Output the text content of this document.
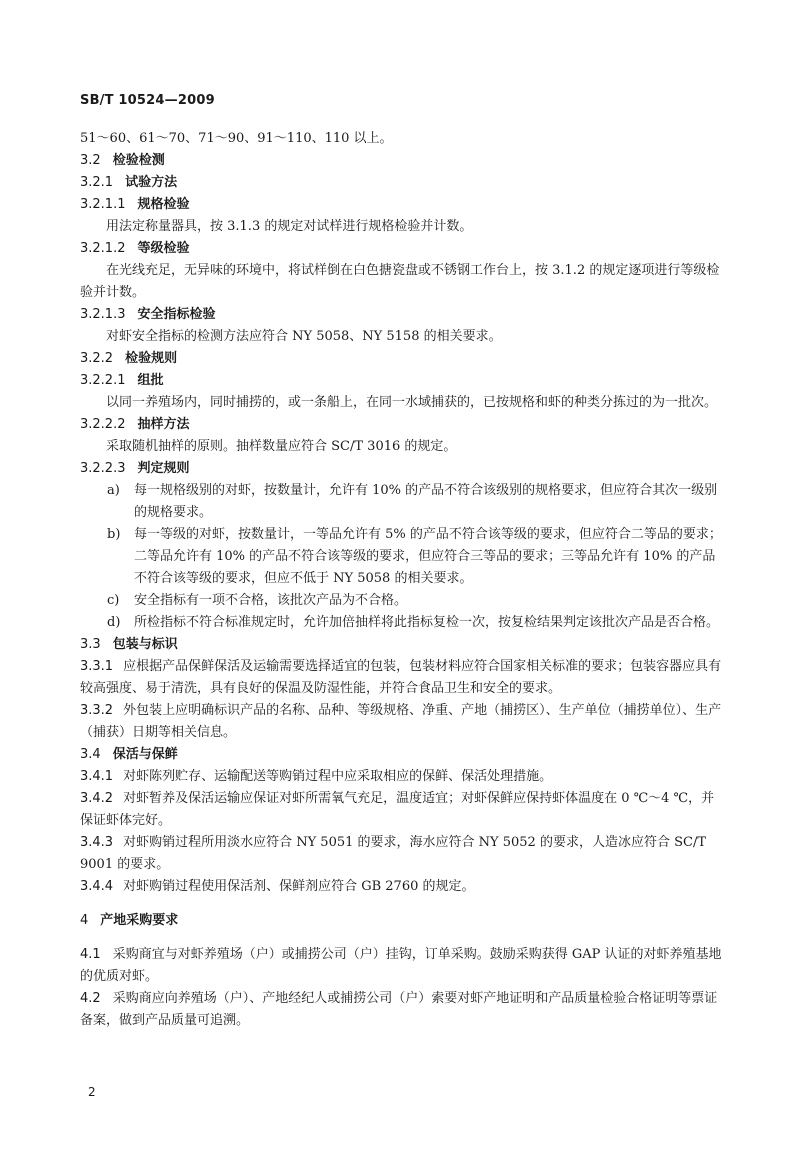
SB/T 10524—2009

51～60、61～70、71～90、91～110、110 以上。

3.2 检验检测

3.2.1 试验方法

3.2.1.1 规格检验

用法定称量器具，按 3.1.3 的规定对试样进行规格检验并计数。

3.2.1.2 等级检验

在光线充足，无异味的环境中，将试样倒在白色搪瓷盘或不锈钢工作台上，按 3.1.2 的规定逐项进行等级检验并计数。

3.2.1.3 安全指标检验

对虾安全指标的检测方法应符合 NY 5058、NY 5158 的相关要求。

3.2.2 检验规则

3.2.2.1 组批

以同一养殖场内，同时捕捞的，或一条船上，在同一水域捕获的，已按规格和虾的种类分拣过的为一批次。

3.2.2.2 抽样方法

采取随机抽样的原则。抽样数量应符合 SC/T 3016 的规定。

3.2.2.3 判定规则

a) 每一规格级别的对虾，按数量计，允许有 10% 的产品不符合该级别的规格要求，但应符合其次一级别的规格要求。

b) 每一等级的对虾，按数量计，一等品允许有 5% 的产品不符合该等级的要求，但应符合二等品的要求；二等品允许有 10% 的产品不符合该等级的要求，但应符合三等品的要求；三等品允许有 10% 的产品不符合该等级的要求，但应不低于 NY 5058 的相关要求。

c) 安全指标有一项不合格，该批次产品为不合格。

d) 所检指标不符合标准规定时，允许加倍抽样将此指标复检一次，按复检结果判定该批次产品是否合格。

3.3 包装与标识

3.3.1 应根据产品保鲜保活及运输需要选择适宜的包装，包装材料应符合国家相关标准的要求；包装容器应具有较高强度、易于清洗，具有良好的保温及防湿性能，并符合食品卫生和安全的要求。

3.3.2 外包装上应明确标识产品的名称、品种、等级规格、净重、产地（捕捞区）、生产单位（捕捞单位）、生产（捕获）日期等相关信息。

3.4 保活与保鲜

3.4.1 对虾陈列贮存、运输配送等购销过程中应采取相应的保鲜、保活处理措施。

3.4.2 对虾暂养及保活运输应保证对虾所需氧气充足，温度适宜；对虾保鲜应保持虾体温度在 0 ℃～4 ℃，并保证虾体完好。

3.4.3 对虾购销过程所用淡水应符合 NY 5051 的要求，海水应符合 NY 5052 的要求，人造冰应符合 SC/T 9001 的要求。

3.4.4 对虾购销过程使用保活剂、保鲜剂应符合 GB 2760 的规定。

4 产地采购要求

4.1 采购商宜与对虾养殖场（户）或捕捞公司（户）挂钩，订单采购。鼓励采购获得 GAP 认证的对虾养殖基地的优质对虾。

4.2 采购商应向养殖场（户）、产地经纪人或捕捞公司（户）索要对虾产地证明和产品质量检验合格证明等票证备案，做到产品质量可追溯。

2
